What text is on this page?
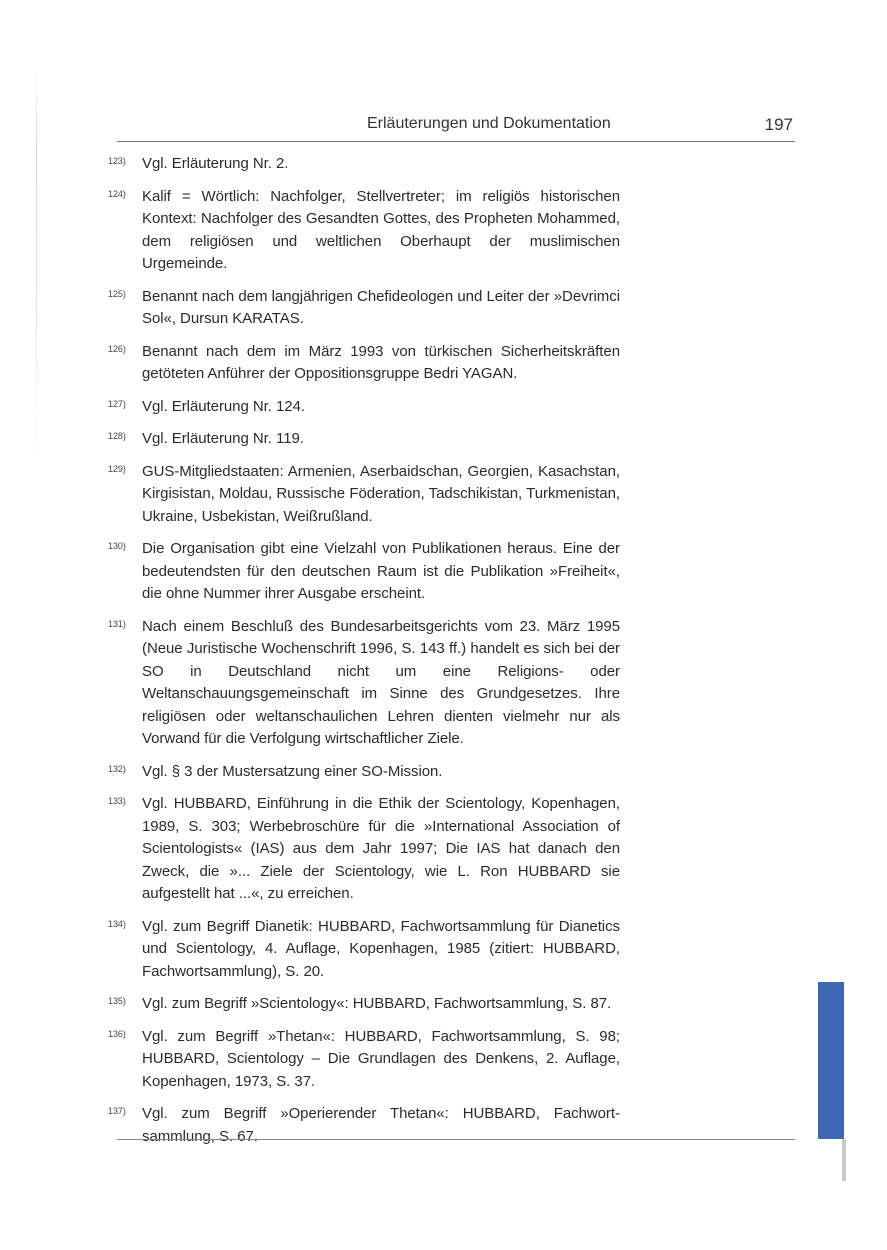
Erläuterungen und Dokumentation	197
123) Vgl. Erläuterung Nr. 2.
124) Kalif = Wörtlich: Nachfolger, Stellvertreter; im religiös historischen Kontext: Nachfolger des Gesandten Gottes, des Propheten Mohammed, dem religiösen und weltlichen Oberhaupt der muslimischen Urgemeinde.
125) Benannt nach dem langjährigen Chefideologen und Leiter der »Devrimci Sol«, Dursun KARATAS.
126) Benannt nach dem im März 1993 von türkischen Sicherheitskräften getöteten Anführer der Oppositionsgruppe Bedri YAGAN.
127) Vgl. Erläuterung Nr. 124.
128) Vgl. Erläuterung Nr. 119.
129) GUS-Mitgliedstaaten: Armenien, Aserbaidschan, Georgien, Kasachstan, Kirgisistan, Moldau, Russische Föderation, Tadschikistan, Turkmenistan, Ukraine, Usbekistan, Weißrußland.
130) Die Organisation gibt eine Vielzahl von Publikationen heraus. Eine der bedeutendsten für den deutschen Raum ist die Publikation »Freiheit«, die ohne Nummer ihrer Ausgabe erscheint.
131) Nach einem Beschluß des Bundesarbeitsgerichts vom 23. März 1995 (Neue Juristische Wochenschrift 1996, S. 143 ff.) handelt es sich bei der SO in Deutschland nicht um eine Religions- oder Weltanschauungsgemeinschaft im Sinne des Grundgesetzes. Ihre religiösen oder weltanschaulichen Lehren dienten vielmehr nur als Vorwand für die Verfolgung wirtschaftlicher Ziele.
132) Vgl. § 3 der Mustersatzung einer SO-Mission.
133) Vgl. HUBBARD, Einführung in die Ethik der Scientology, Kopenhagen, 1989, S. 303; Werbebroschüre für die »International Association of Scientologists« (IAS) aus dem Jahr 1997; Die IAS hat danach den Zweck, die »... Ziele der Scientology, wie L. Ron HUBBARD sie aufgestellt hat ...«, zu erreichen.
134) Vgl. zum Begriff Dianetik: HUBBARD, Fachwortsammlung für Dianetics und Scientology, 4. Auflage, Kopenhagen, 1985 (zitiert: HUBBARD, Fachwortsammlung), S. 20.
135) Vgl. zum Begriff »Scientology«: HUBBARD, Fachwortsammlung, S. 87.
136) Vgl. zum Begriff »Thetan«: HUBBARD, Fachwortsammlung, S. 98; HUBBARD, Scientology – Die Grundlagen des Denkens, 2. Auflage, Kopenhagen, 1973, S. 37.
137) Vgl. zum Begriff »Operierender Thetan«: HUBBARD, Fachwortsammlung, S. 67.
